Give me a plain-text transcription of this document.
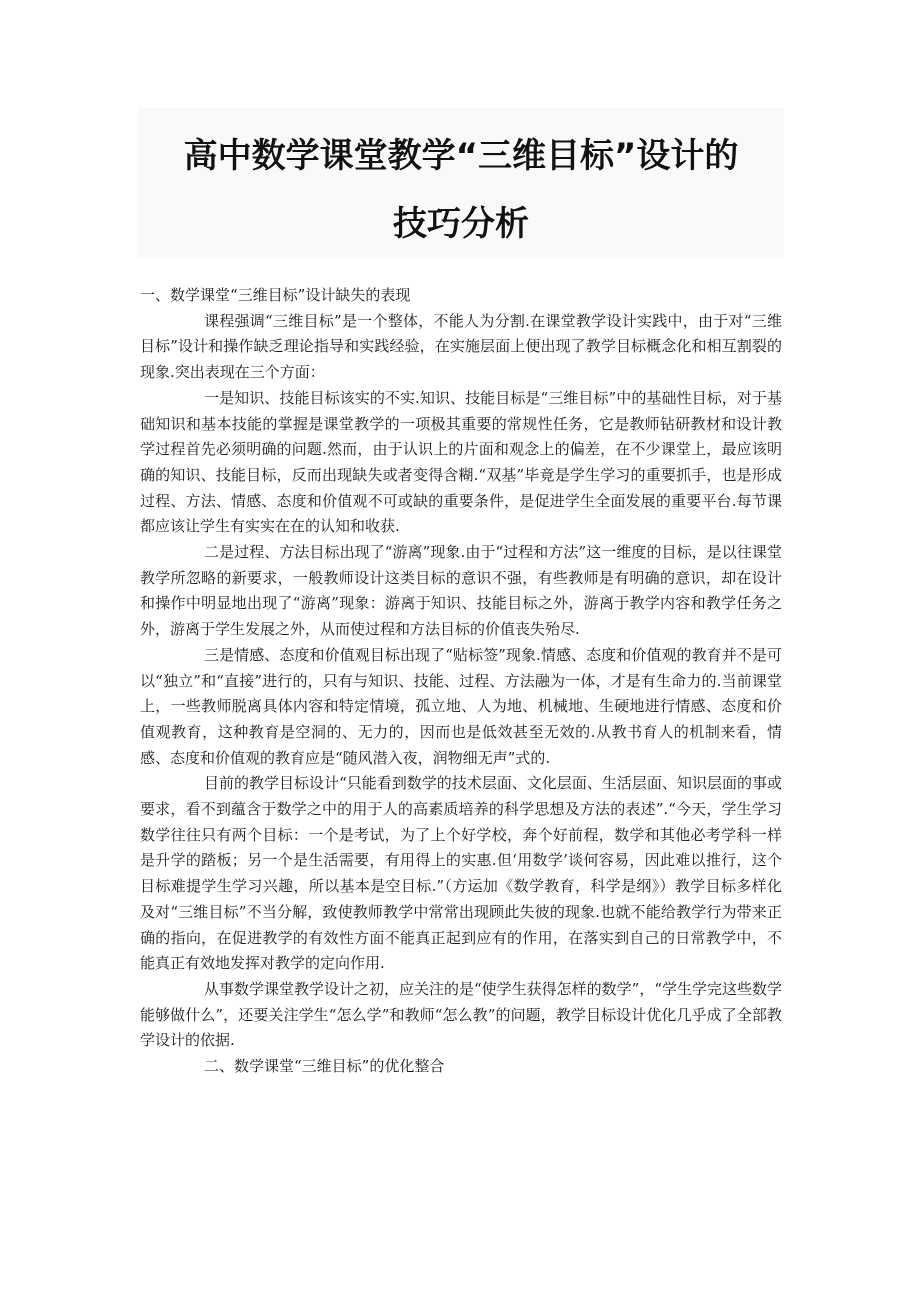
高中数学课堂教学“三维目标”设计的
技巧分析

一、数学课堂“三维目标”设计缺失的表现

课程强调“三维目标”是一个整体，不能人为分割.在课堂教学设计实践中，由于对“三维目标”设计和操作缺乏理论指导和实践经验，在实施层面上便出现了教学目标概念化和相互割裂的现象.突出表现在三个方面：

一是知识、技能目标该实的不实.知识、技能目标是“三维目标”中的基础性目标，对于基础知识和基本技能的掌握是课堂教学的一项极其重要的常规性任务，它是教师钻研教材和设计教学过程首先必须明确的问题.然而，由于认识上的片面和观念上的偏差，在不少课堂上，最应该明确的知识、技能目标，反而出现缺失或者变得含糊.“双基”毕竟是学生学习的重要抓手，也是形成过程、方法、情感、态度和价值观不可或缺的重要条件，是促进学生全面发展的重要平台.每节课都应该让学生有实实在在的认知和收获.

二是过程、方法目标出现了“游离”现象.由于“过程和方法”这一维度的目标，是以往课堂教学所忽略的新要求，一般教师设计这类目标的意识不强，有些教师是有明确的意识，却在设计和操作中明显地出现了“游离”现象：游离于知识、技能目标之外，游离于教学内容和教学任务之外，游离于学生发展之外，从而使过程和方法目标的价值丧失殆尽.

三是情感、态度和价值观目标出现了“贴标签”现象.情感、态度和价值观的教育并不是可以“独立”和“直接”进行的，只有与知识、技能、过程、方法融为一体，才是有生命力的.当前课堂上，一些教师脱离具体内容和特定情境，孤立地、人为地、机械地、生硬地进行情感、态度和价值观教育，这种教育是空洞的、无力的，因而也是低效甚至无效的.从教书育人的机制来看，情感、态度和价值观的教育应是“随风潜入夜，润物细无声”式的.

目前的教学目标设计“只能看到数学的技术层面、文化层面、生活层面、知识层面的事或要求，看不到蕴含于数学之中的用于人的高素质培养的科学思想及方法的表述”.“今天，学生学习数学往往只有两个目标：一个是考试，为了上个好学校，奔个好前程，数学和其他必考学科一样是升学的踏板；另一个是生活需要，有用得上的实惠.但‘用数学’谈何容易，因此难以推行，这个目标难提学生学习兴趣，所以基本是空目标.”（方运加《数学教育，科学是纲》）教学目标多样化及对“三维目标”不当分解，致使教师教学中常常出现顾此失彼的现象.也就不能给教学行为带来正确的指向，在促进教学的有效性方面不能真正起到应有的作用，在落实到自己的日常教学中，不能真正有效地发挥对教学的定向作用.

从事数学课堂教学设计之初，应关注的是“使学生获得怎样的数学”，“学生学完这些数学能够做什么”，还要关注学生“怎么学”和教师“怎么教”的问题，教学目标设计优化几乎成了全部教学设计的依据.

二、数学课堂“三维目标”的优化整合
